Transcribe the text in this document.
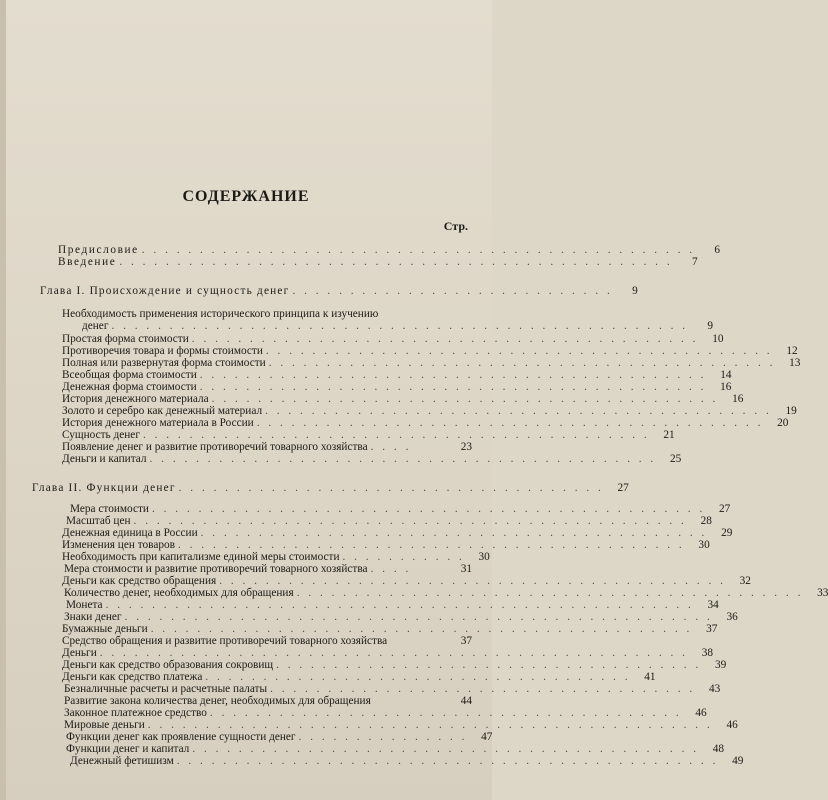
СОДЕРЖАНИЕ
Стр.
Предисловие . . . . . . . . . . . . . . . . . . . . . . . . . . . . . . . . . . . . . . . . . . . . . . . .	6
Введение . . . . . . . . . . . . . . . . . . . . . . . . . . . . . . . . . . . . . . . . . . . . . . . .	7
Глава I. Происхождение и сущность денег . . . . . . . . . . . . . . . . . . . . . . . . . . . .	9
Необходимость применения исторического принципа к изучению
денег . . . . . . . . . . . . . . . . . . . . . . . . . . . . . . . . . . . . . . . . . . . . . . . . . .	9
Простая форма стоимости . . . . . . . . . . . . . . . . . . . . . . . . . . . . . . . . . . . . . . . . . . . .	10
Противоречия товара и формы стоимости . . . . . . . . . . . . . . . . . . . . . . . . . . . . . . . . . . . . . . . . . . . .	12
Полная или развернутая форма стоимости . . . . . . . . . . . . . . . . . . . . . . . . . . . . . . . . . . . . . . . . . . . .	13
Всеобщая форма стоимости . . . . . . . . . . . . . . . . . . . . . . . . . . . . . . . . . . . . . . . . . . . .	14
Денежная форма стоимости . . . . . . . . . . . . . . . . . . . . . . . . . . . . . . . . . . . . . . . . . . . .	16
История денежного материала . . . . . . . . . . . . . . . . . . . . . . . . . . . . . . . . . . . . . . . . . . . .	16
Золото и серебро как денежный материал . . . . . . . . . . . . . . . . . . . . . . . . . . . . . . . . . . . . . . . . . . . .	19
История денежного материала в России . . . . . . . . . . . . . . . . . . . . . . . . . . . . . . . . . . . . . . . . . . . .	20
Сущность денег . . . . . . . . . . . . . . . . . . . . . . . . . . . . . . . . . . . . . . . . . . . .	21
Появление денег и развитие противоречий товарного хозяйства . . . .	23
Деньги и капитал . . . . . . . . . . . . . . . . . . . . . . . . . . . . . . . . . . . . . . . . . . . .	25
Глава II. Функции денег . . . . . . . . . . . . . . . . . . . . . . . . . . . . . . . . . . . . .	27
Мера стоимости . . . . . . . . . . . . . . . . . . . . . . . . . . . . . . . . . . . . . . . . . . . . . . . .	27
Масштаб цен . . . . . . . . . . . . . . . . . . . . . . . . . . . . . . . . . . . . . . . . . . . . . . . .	28
Денежная единица в России . . . . . . . . . . . . . . . . . . . . . . . . . . . . . . . . . . . . . . . . . . . .	29
Изменения цен товаров . . . . . . . . . . . . . . . . . . . . . . . . . . . . . . . . . . . . . . . . . . . .	30
Необходимость при капитализме единой меры стоимости . . . . . . . . . . .	30
Мера стоимости и развитие противоречий товарного хозяйства . . . .	31
Деньги как средство обращения . . . . . . . . . . . . . . . . . . . . . . . . . . . . . . . . . . . . . . . . . . . .	32
Количество денег, необходимых для обращения . . . . . . . . . . . . . . . . . . . . . . . . . . . . . . . . . . . . . . . . . . . .	33
Монета . . . . . . . . . . . . . . . . . . . . . . . . . . . . . . . . . . . . . . . . . . . . . . . . . . .	34
Знаки денег . . . . . . . . . . . . . . . . . . . . . . . . . . . . . . . . . . . . . . . . . . . . . . . . . . .	36
Бумажные деньги . . . . . . . . . . . . . . . . . . . . . . . . . . . . . . . . . . . . . . . . . . . . . . .	37
Средство обращения и развитие противоречий товарного хозяйства	37
Деньги . . . . . . . . . . . . . . . . . . . . . . . . . . . . . . . . . . . . . . . . . . . . . . . . . . .	38
Деньги как средство образования сокровищ . . . . . . . . . . . . . . . . . . . . . . . . . . . . . . . . . . . . .	39
Деньги как средство платежа . . . . . . . . . . . . . . . . . . . . . . . . . . . . . . . . . . . . .	41
Безналичные расчеты и расчетные палаты . . . . . . . . . . . . . . . . . . . . . . . . . . . . . . . . . . . . .	43
Развитие закона количества денег, необходимых для обращения	44
Законное платежное средство . . . . . . . . . . . . . . . . . . . . . . . . . . . . . . . . . . . . . . . . .	46
Мировые деньги . . . . . . . . . . . . . . . . . . . . . . . . . . . . . . . . . . . . . . . . . . . . . . . . .	46
Функции денег как проявление сущности денег . . . . . . . . . . . . . . .	47
Функции денег и капитал . . . . . . . . . . . . . . . . . . . . . . . . . . . . . . . . . . . . . . . . . . . .	48
Денежный фетишизм . . . . . . . . . . . . . . . . . . . . . . . . . . . . . . . . . . . . . . . . . . . . . . .	49
